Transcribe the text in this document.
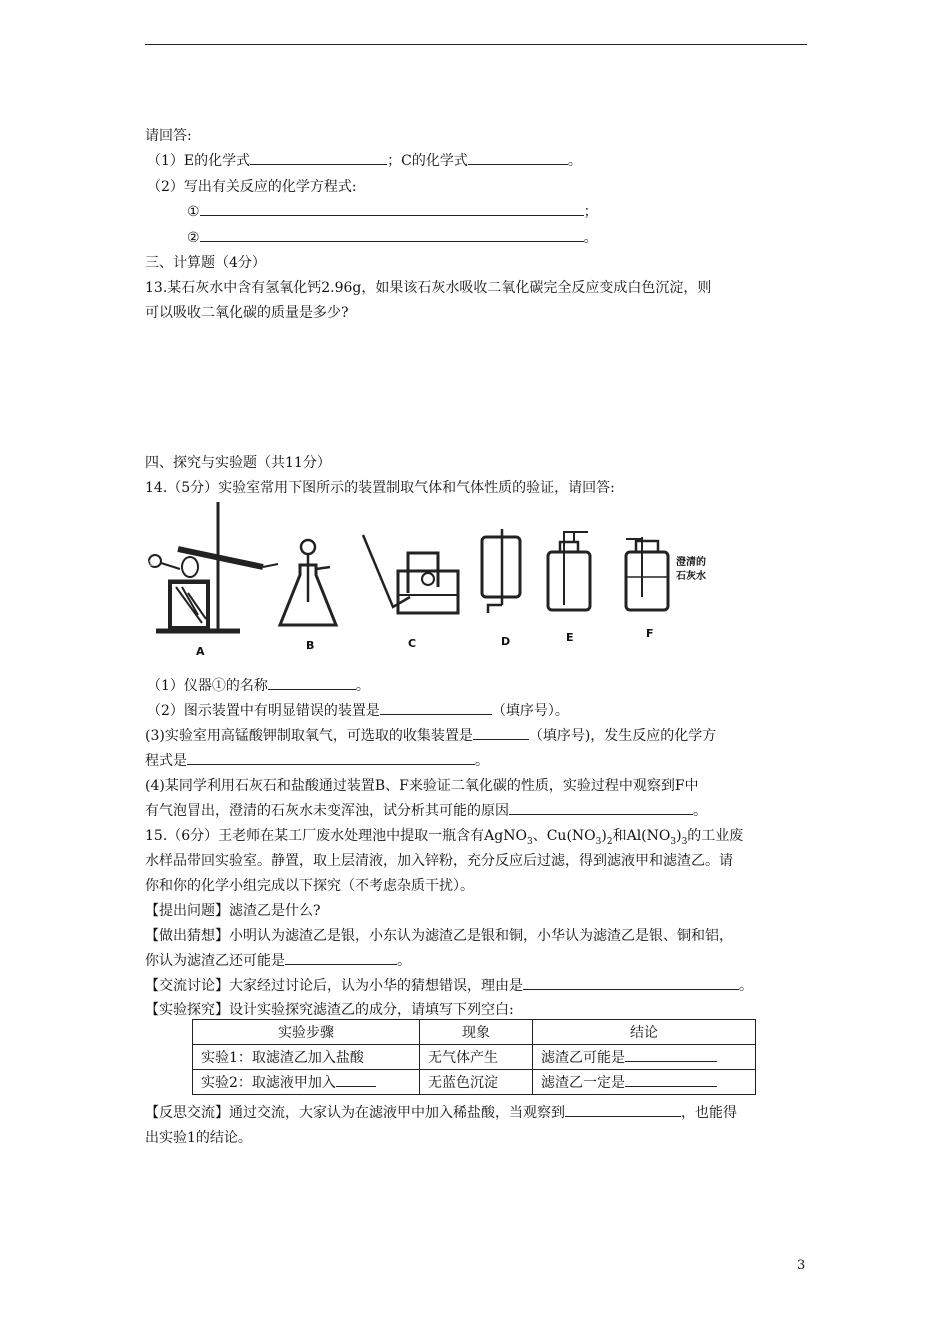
请回答:
（1）E的化学式	；C的化学式	。
（2）写出有关反应的化学方程式:
①	；
②	。
三、计算题（4分）
13.某石灰水中含有氢氧化钙2.96g，如果该石灰水吸收二氧化碳完全反应变成白色沉淀，则
可以吸收二氧化碳的质量是多少?
四、探究与实验题（共11分）
14.（5分）实验室常用下图所示的装置制取气体和气体性质的验证，请回答:
A	B	C	D	E	F
澄清的
石灰水
①
（1）仪器①的名称	。
（2）图示装置中有明显错误的装置是	（填序号）。
(3)实验室用高锰酸钾制取氧气，可选取的收集装置是	（填序号)，发生反应的化学方
程式是	。
(4)某同学利用石灰石和盐酸通过装置B、F来验证二氧化碳的性质，实验过程中观察到F中
有气泡冒出，澄清的石灰水未变浑浊，试分析其可能的原因	。
15.（6分）王老师在某工厂废水处理池中提取一瓶含有AgNO$_3$、$Cu(NO_3)_2$和$Al(NO_3)_3$的工业废
水样品带回实验室。静置，取上层清液，加入锌粉，充分反应后过滤，得到滤液甲和滤渣乙。请
你和你的化学小组完成以下探究（不考虑杂质干扰）。
【提出问题】滤渣乙是什么?
【做出猜想】小明认为滤渣乙是银，小东认为滤渣乙是银和铜，小华认为滤渣乙是银、铜和铝，
你认为滤渣乙还可能是	。
【交流讨论】大家经过讨论后，认为小华的猜想错误，理由是	。
【实验探究】设计实验探究滤渣乙的成分，请填写下列空白:
实验步骤	现象	结论
实验1：取滤渣乙加入盐酸	无气体产生	滤渣乙可能是
实验2：取滤液甲加入	无蓝色沉淀	滤渣乙一定是
【反思交流】通过交流，大家认为在滤液甲中加入稀盐酸，当观察到	，也能得
出实验1的结论。
3
